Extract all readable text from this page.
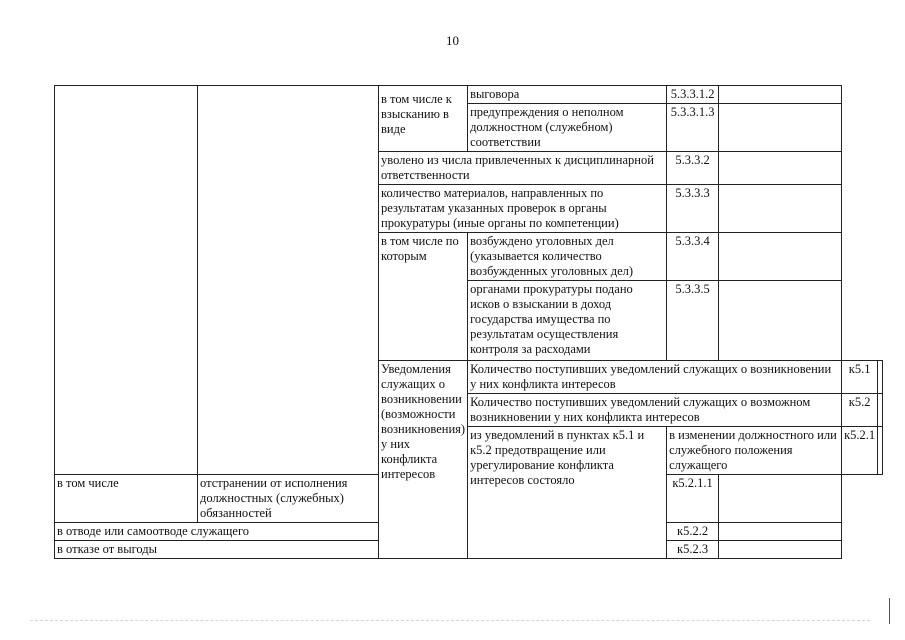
10
		в том числе к взысканию в виде	выговора	5.3.3.1.2			
			предупреждения о неполном должностном (служебном) соответствии	5.3.3.1.3			
		уволено из числа привлеченных к дисциплинарной ответственности		5.3.3.2			
		количество материалов, направленных по результатам указанных проверок в органы прокуратуры (иные органы по компетенции)		5.3.3.3			
		в том числе по которым	возбуждено уголовных дел (указывается количество возбужденных уголовных дел)	5.3.3.4			
			органами прокуратуры подано исков о взыскании в доход государства имущества по результатам осуществления контроля за расходами	5.3.3.5			
		Уведомления служащих о возникновении (возможности возникновения) у них конфликта интересов	Количество поступивших уведомлений служащих о возникновении у них конфликта интересов			к5.1	
			Количество поступивших уведомлений служащих о возможном возникновении у них конфликта интересов			к5.2	
			из уведомлений в пунктах к5.1 и к5.2 предотвращение или урегулирование конфликта интересов состояло	в изменении должностного или служебного положения служащего		к5.2.1	
в том числе	отстранении от исполнения должностных (служебных) обязанностей			к5.2.1.1			
в отводе или самоотводе служащего				к5.2.2			
в отказе от выгоды				к5.2.3			
